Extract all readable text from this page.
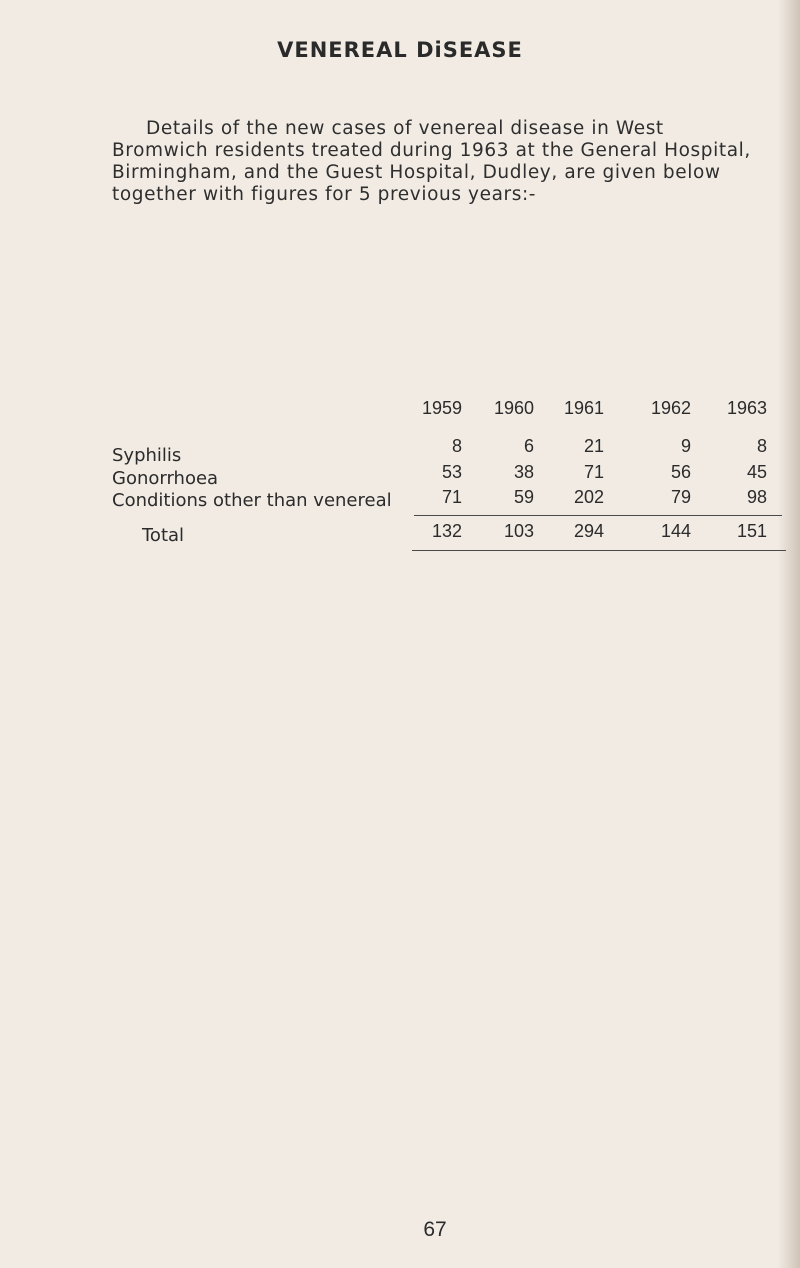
VENEREAL DiSEASE
Details of the new cases of venereal disease in West
Bromwich residents treated during 1963 at the General Hospital,
Birmingham, and the Guest Hospital, Dudley, are given below
together with figures for 5 previous years:-
1959	1960	1961	1962	1963
Syphilis	8	6	21	9	8
Gonorrhoea	53	38	71	56	45
Conditions other than venereal	71	59	202	79	98
Total	132	103	294	144	151
67
